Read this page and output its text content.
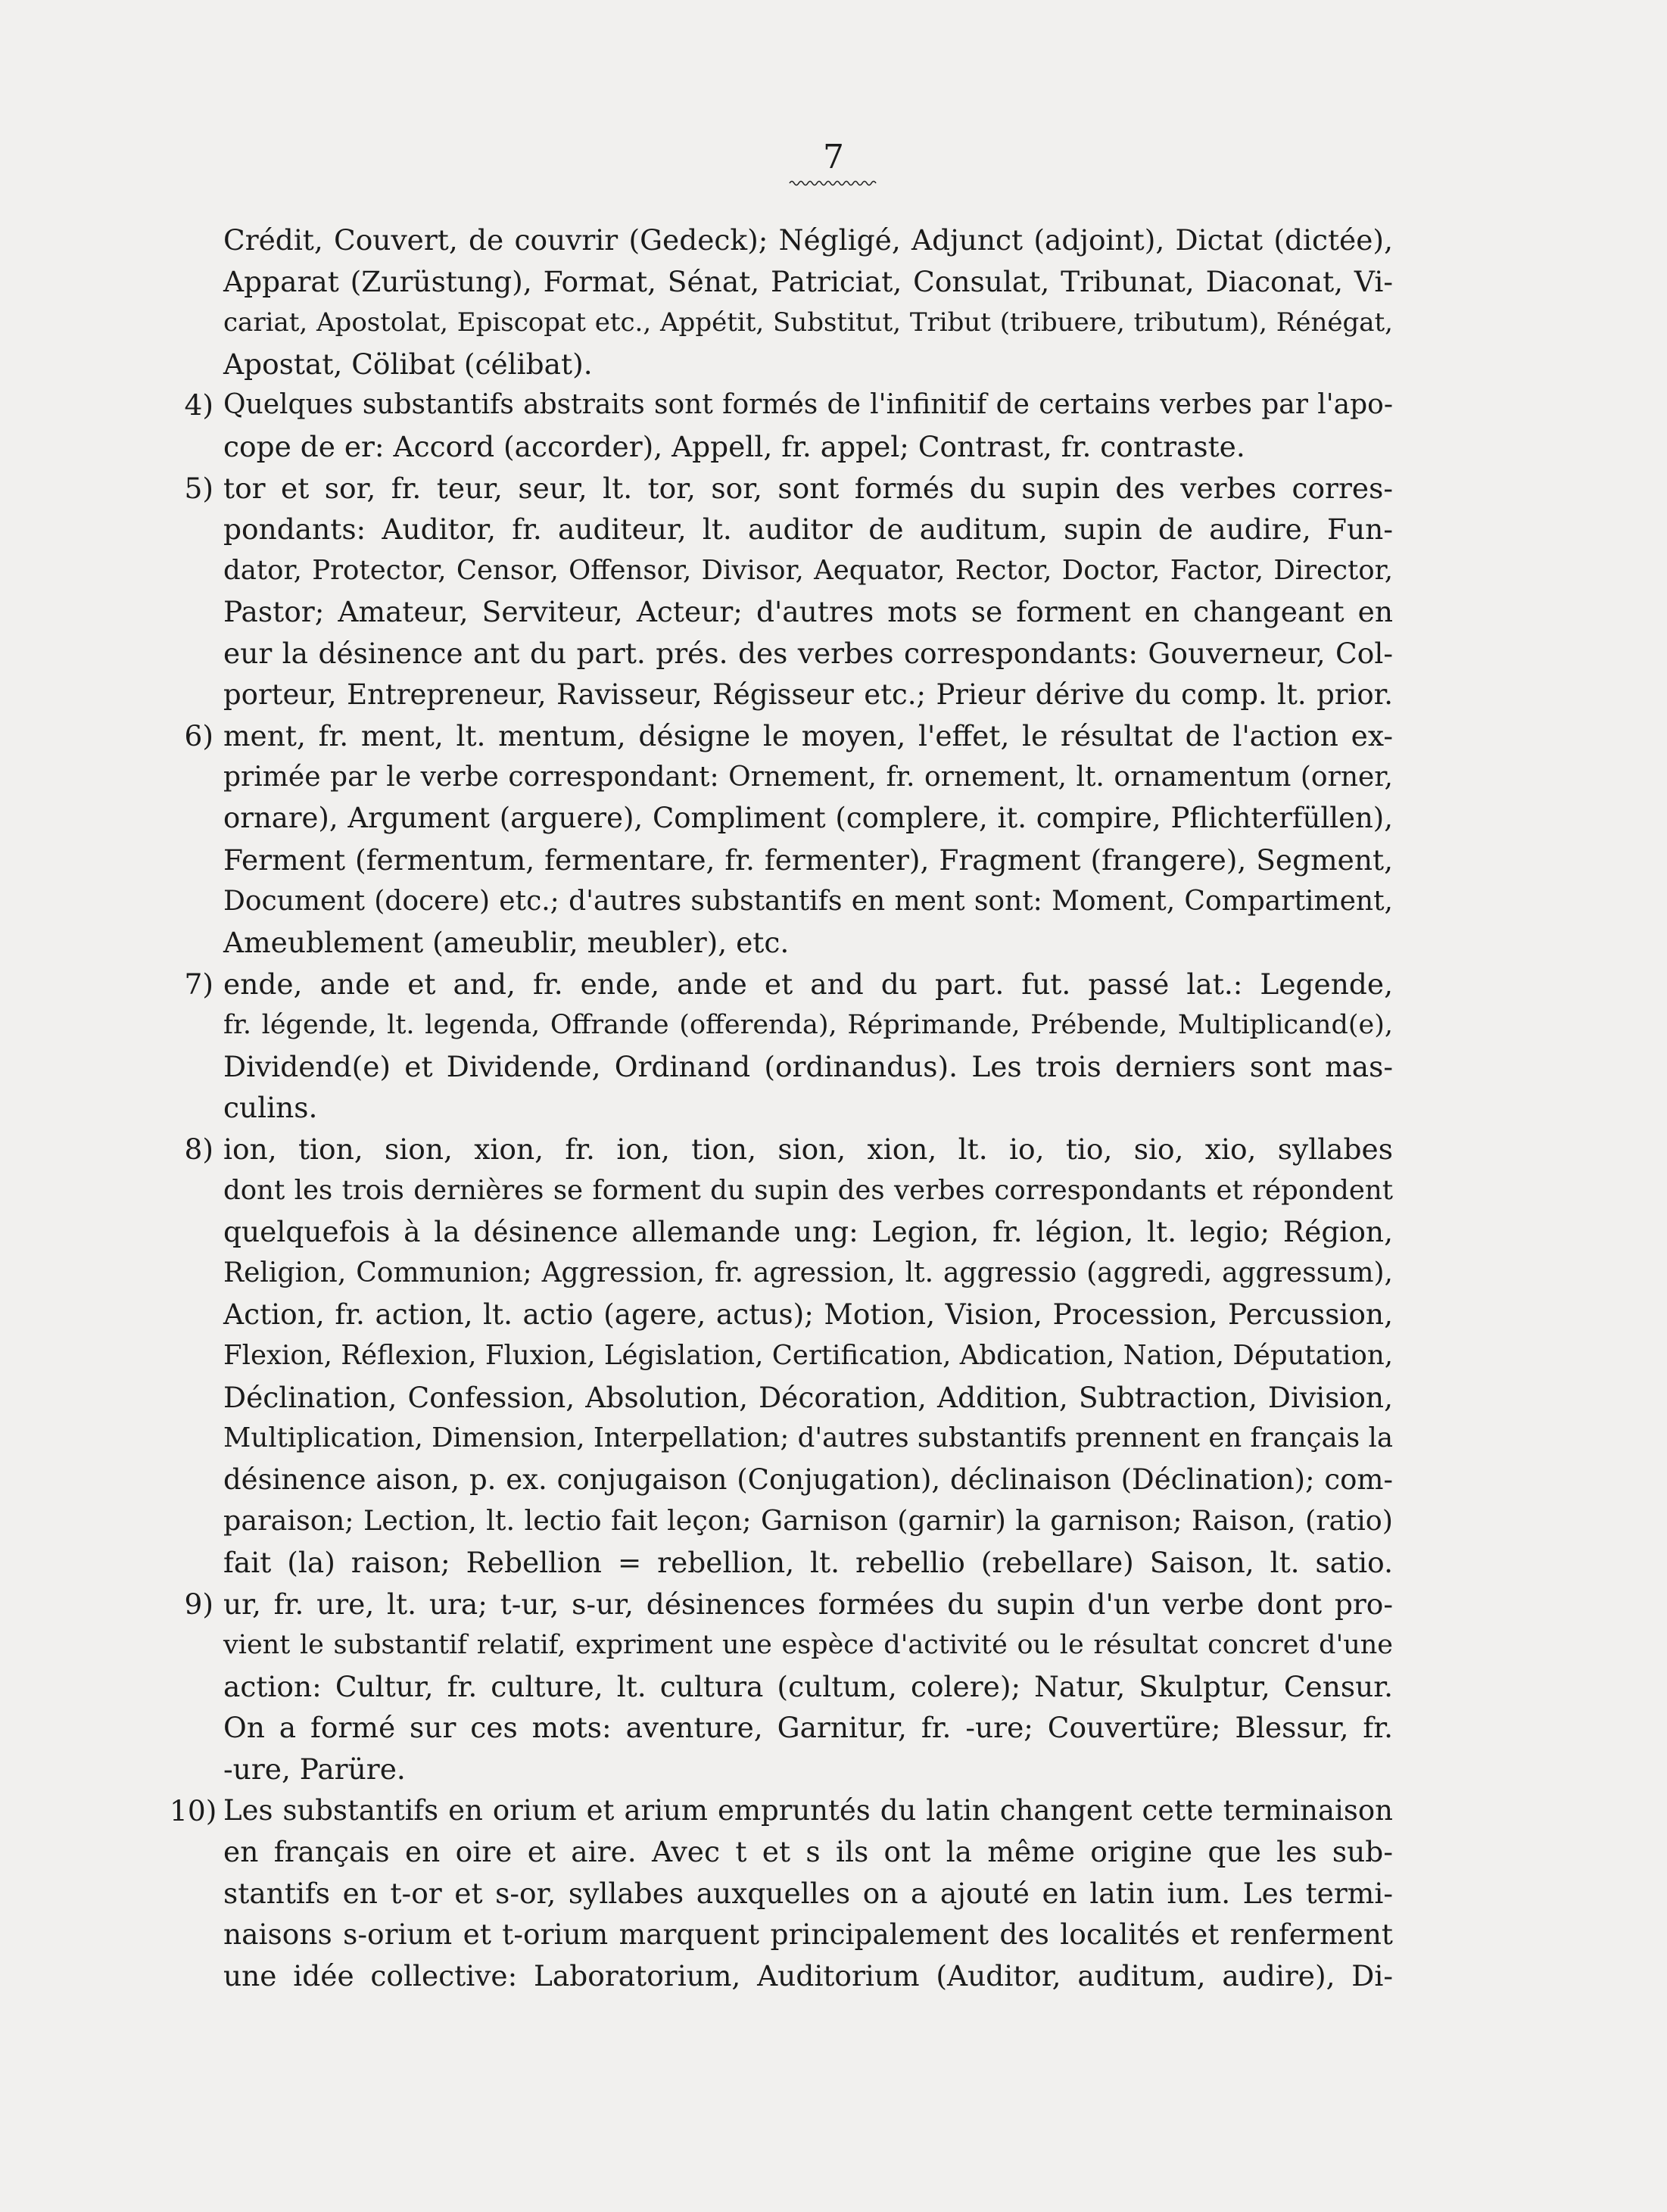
7
Crédit, Couvert, de couvrir (Gedeck); Négligé, Adjunct (adjoint), Dictat (dictée),
Apparat (Zurüstung), Format, Sénat, Patriciat, Consulat, Tribunat, Diaconat, Vi-
cariat, Apostolat, Episcopat etc., Appétit, Substitut, Tribut (tribuere, tributum), Rénégat,
Apostat, Cölibat (célibat).
4) Quelques substantifs abstraits sont formés de l'infinitif de certains verbes par l'apo-
cope de er: Accord (accorder), Appell, fr. appel; Contrast, fr. contraste.
5) tor et sor, fr. teur, seur, lt. tor, sor, sont formés du supin des verbes corres-
pondants: Auditor, fr. auditeur, lt. auditor de auditum, supin de audire, Fun-
dator, Protector, Censor, Offensor, Divisor, Aequator, Rector, Doctor, Factor, Director,
Pastor; Amateur, Serviteur, Acteur; d'autres mots se forment en changeant en
eur la désinence ant du part. prés. des verbes correspondants: Gouverneur, Col-
porteur, Entrepreneur, Ravisseur, Régisseur etc.; Prieur dérive du comp. lt. prior.
6) ment, fr. ment, lt. mentum, désigne le moyen, l'effet, le résultat de l'action ex-
primée par le verbe correspondant: Ornement, fr. ornement, lt. ornamentum (orner,
ornare), Argument (arguere), Compliment (complere, it. compire, Pflichterfüllen),
Ferment (fermentum, fermentare, fr. fermenter), Fragment (frangere), Segment,
Document (docere) etc.; d'autres substantifs en ment sont: Moment, Compartiment,
Ameublement (ameublir, meubler), etc.
7) ende, ande et and, fr. ende, ande et and du part. fut. passé lat.: Legende,
fr. légende, lt. legenda, Offrande (offerenda), Réprimande, Prébende, Multiplicand(e),
Dividend(e) et Dividende, Ordinand (ordinandus). Les trois derniers sont mas-
culins.
8) ion, tion, sion, xion, fr. ion, tion, sion, xion, lt. io, tio, sio, xio, syllabes
dont les trois dernières se forment du supin des verbes correspondants et répondent
quelquefois à la désinence allemande ung: Legion, fr. légion, lt. legio; Région,
Religion, Communion; Aggression, fr. agression, lt. aggressio (aggredi, aggressum),
Action, fr. action, lt. actio (agere, actus); Motion, Vision, Procession, Percussion,
Flexion, Réflexion, Fluxion, Législation, Certification, Abdication, Nation, Députation,
Déclination, Confession, Absolution, Décoration, Addition, Subtraction, Division,
Multiplication, Dimension, Interpellation; d'autres substantifs prennent en français la
désinence aison, p. ex. conjugaison (Conjugation), déclinaison (Déclination); com-
paraison; Lection, lt. lectio fait leçon; Garnison (garnir) la garnison; Raison, (ratio)
fait (la) raison; Rebellion = rebellion, lt. rebellio (rebellare) Saison, lt. satio.
9) ur, fr. ure, lt. ura; t-ur, s-ur, désinences formées du supin d'un verbe dont pro-
vient le substantif relatif, expriment une espèce d'activité ou le résultat concret d'une
action: Cultur, fr. culture, lt. cultura (cultum, colere); Natur, Skulptur, Censur.
On a formé sur ces mots: aventure, Garnitur, fr. -ure; Couvertüre; Blessur, fr.
-ure, Parüre.
10) Les substantifs en orium et arium empruntés du latin changent cette terminaison
en français en oire et aire. Avec t et s ils ont la même origine que les sub-
stantifs en t-or et s-or, syllabes auxquelles on a ajouté en latin ium. Les termi-
naisons s-orium et t-orium marquent principalement des localités et renferment
une idée collective: Laboratorium, Auditorium (Auditor, auditum, audire), Di-
